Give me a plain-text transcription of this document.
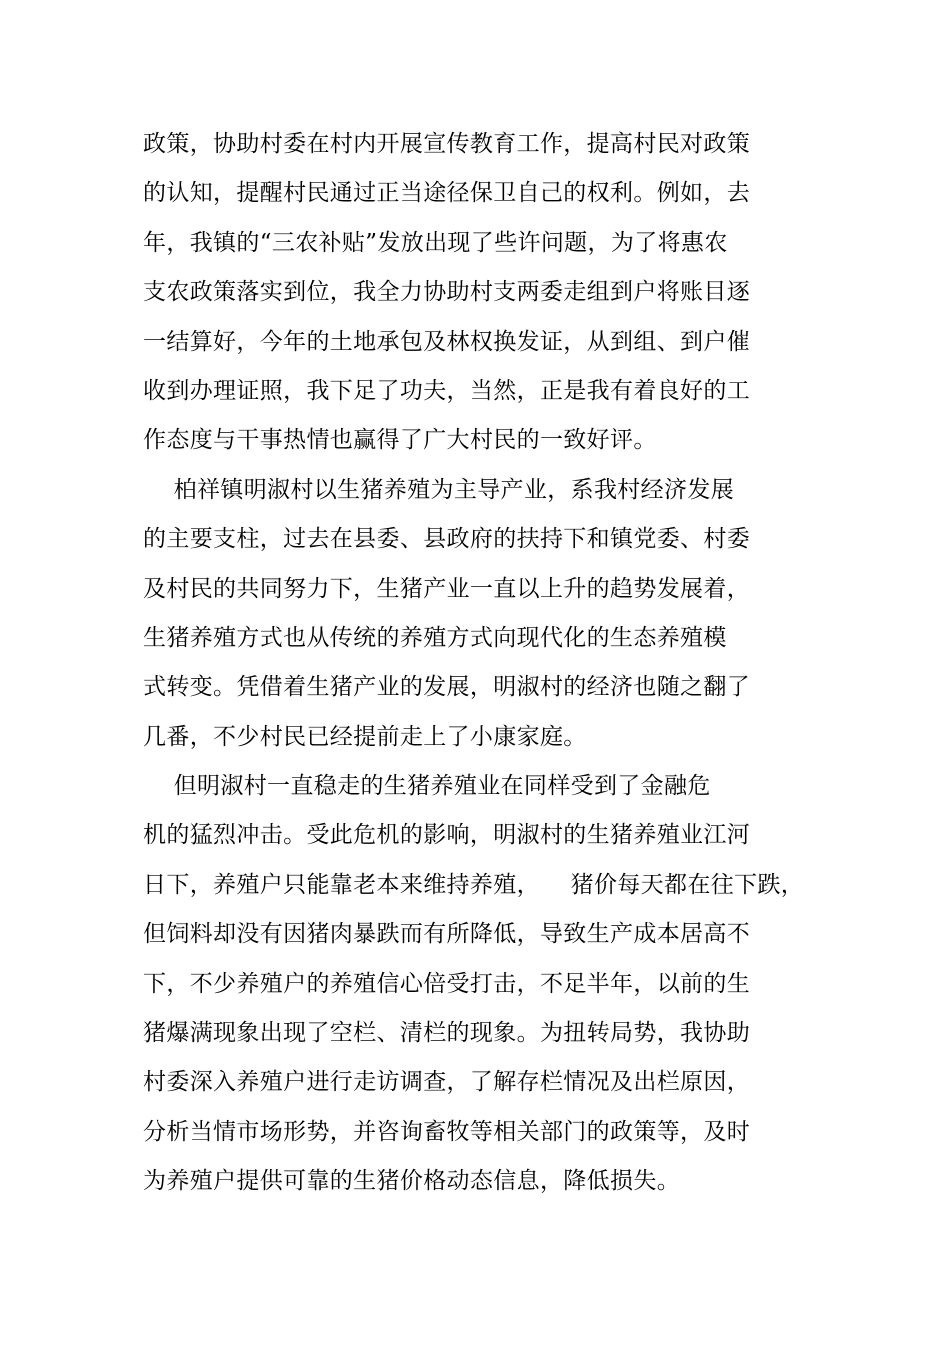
政策，协助村委在村内开展宣传教育工作，提高村民对政策
的认知，提醒村民通过正当途径保卫自己的权利。例如，去
年，我镇的“三农补贴”发放出现了些许问题，为了将惠农
支农政策落实到位，我全力协助村支两委走组到户将账目逐
一结算好，今年的土地承包及林权换发证，从到组、到户催
收到办理证照，我下足了功夫，当然，正是我有着良好的工
作态度与干事热情也赢得了广大村民的一致好评。
柏祥镇明淑村以生猪养殖为主导产业，系我村经济发展
的主要支柱，过去在县委、县政府的扶持下和镇党委、村委
及村民的共同努力下，生猪产业一直以上升的趋势发展着，
生猪养殖方式也从传统的养殖方式向现代化的生态养殖模
式转变。凭借着生猪产业的发展，明淑村的经济也随之翻了
几番，不少村民已经提前走上了小康家庭。
但明淑村一直稳走的生猪养殖业在同样受到了金融危
机的猛烈冲击。受此危机的影响，明淑村的生猪养殖业江河
日下，养殖户只能靠老本来维持养殖，    猪价每天都在往下跌，
但饲料却没有因猪肉暴跌而有所降低，导致生产成本居高不
下，不少养殖户的养殖信心倍受打击，不足半年，以前的生
猪爆满现象出现了空栏、清栏的现象。为扭转局势，我协助
村委深入养殖户进行走访调查，了解存栏情况及出栏原因，
分析当情市场形势，并咨询畜牧等相关部门的政策等，及时
为养殖户提供可靠的生猪价格动态信息，降低损失。
